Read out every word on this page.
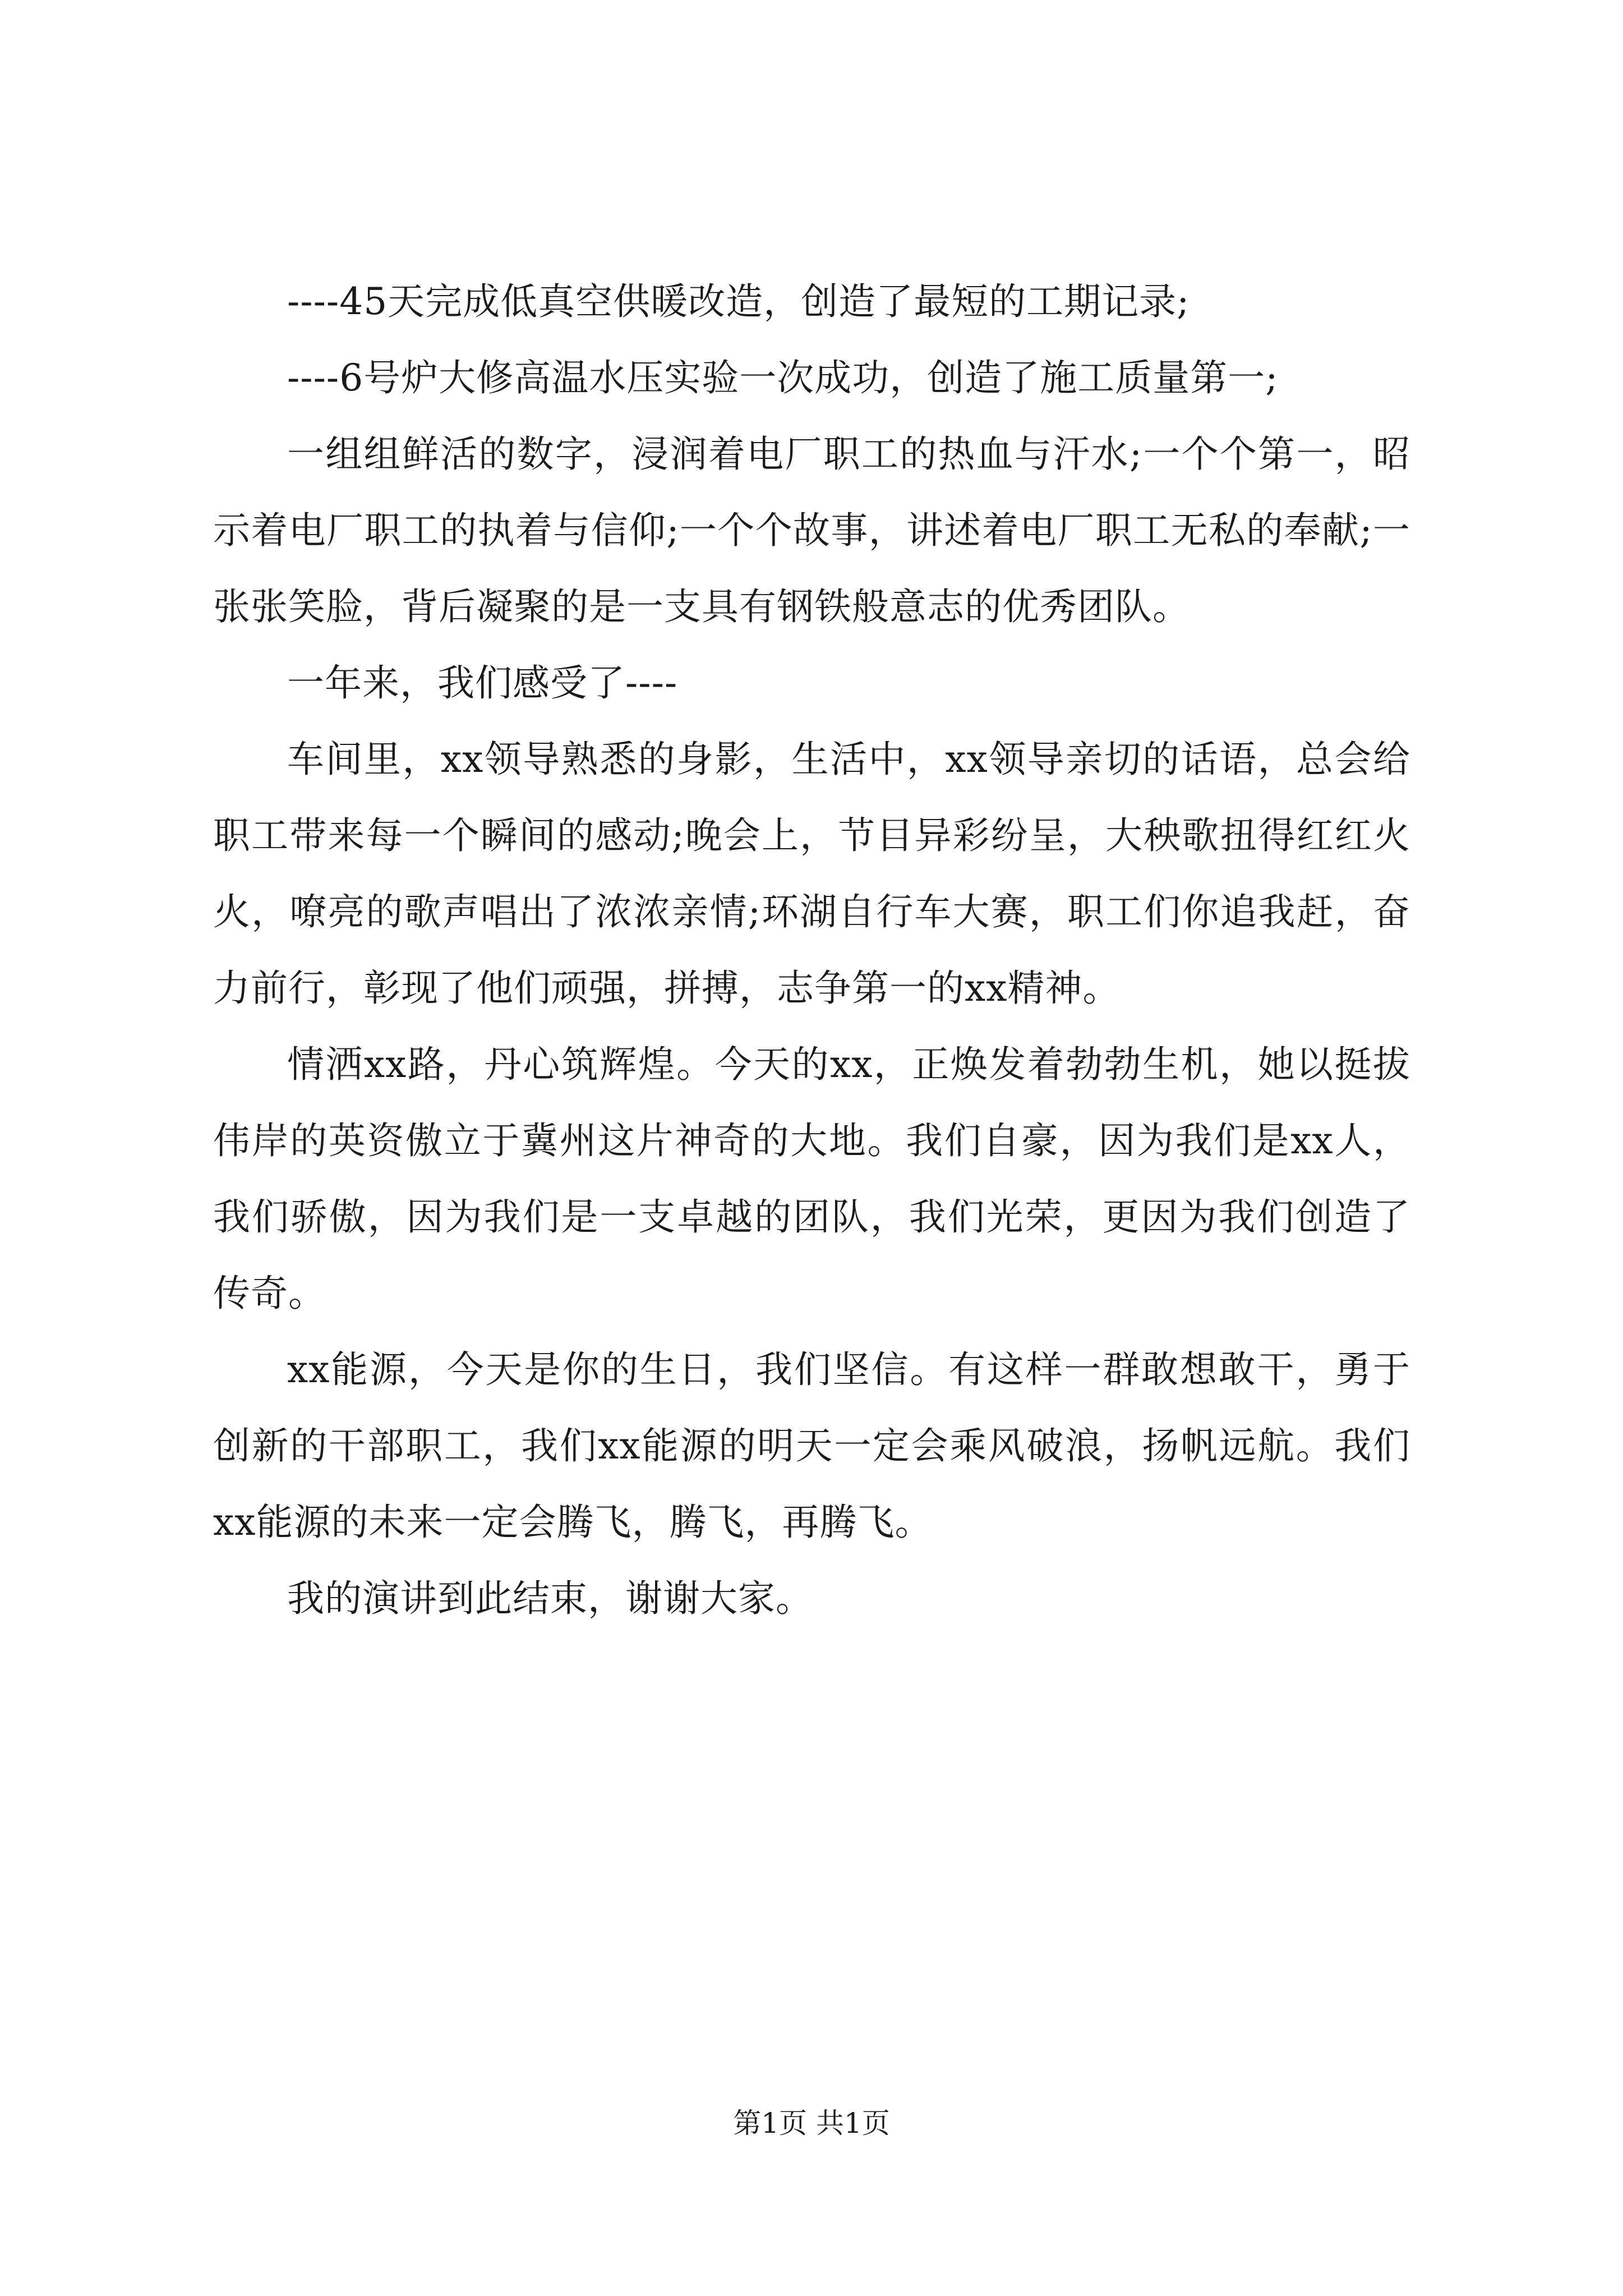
----45天完成低真空供暖改造，创造了最短的工期记录;

----6号炉大修高温水压实验一次成功，创造了施工质量第一;

一组组鲜活的数字，浸润着电厂职工的热血与汗水;一个个第一，昭示着电厂职工的执着与信仰;一个个故事，讲述着电厂职工无私的奉献;一张张笑脸，背后凝聚的是一支具有钢铁般意志的优秀团队。

一年来，我们感受了----

车间里，xx领导熟悉的身影，生活中，xx领导亲切的话语，总会给职工带来每一个瞬间的感动;晚会上，节目异彩纷呈，大秧歌扭得红红火火，嘹亮的歌声唱出了浓浓亲情;环湖自行车大赛，职工们你追我赶，奋力前行，彰现了他们顽强，拼搏，志争第一的xx精神。

情洒xx路，丹心筑辉煌。今天的xx，正焕发着勃勃生机，她以挺拔伟岸的英资傲立于冀州这片神奇的大地。我们自豪，因为我们是xx人，我们骄傲，因为我们是一支卓越的团队，我们光荣，更因为我们创造了传奇。

xx能源，今天是你的生日，我们坚信。有这样一群敢想敢干，勇于创新的干部职工，我们xx能源的明天一定会乘风破浪，扬帆远航。我们xx能源的未来一定会腾飞，腾飞，再腾飞。

我的演讲到此结束，谢谢大家。

第1页 共1页
